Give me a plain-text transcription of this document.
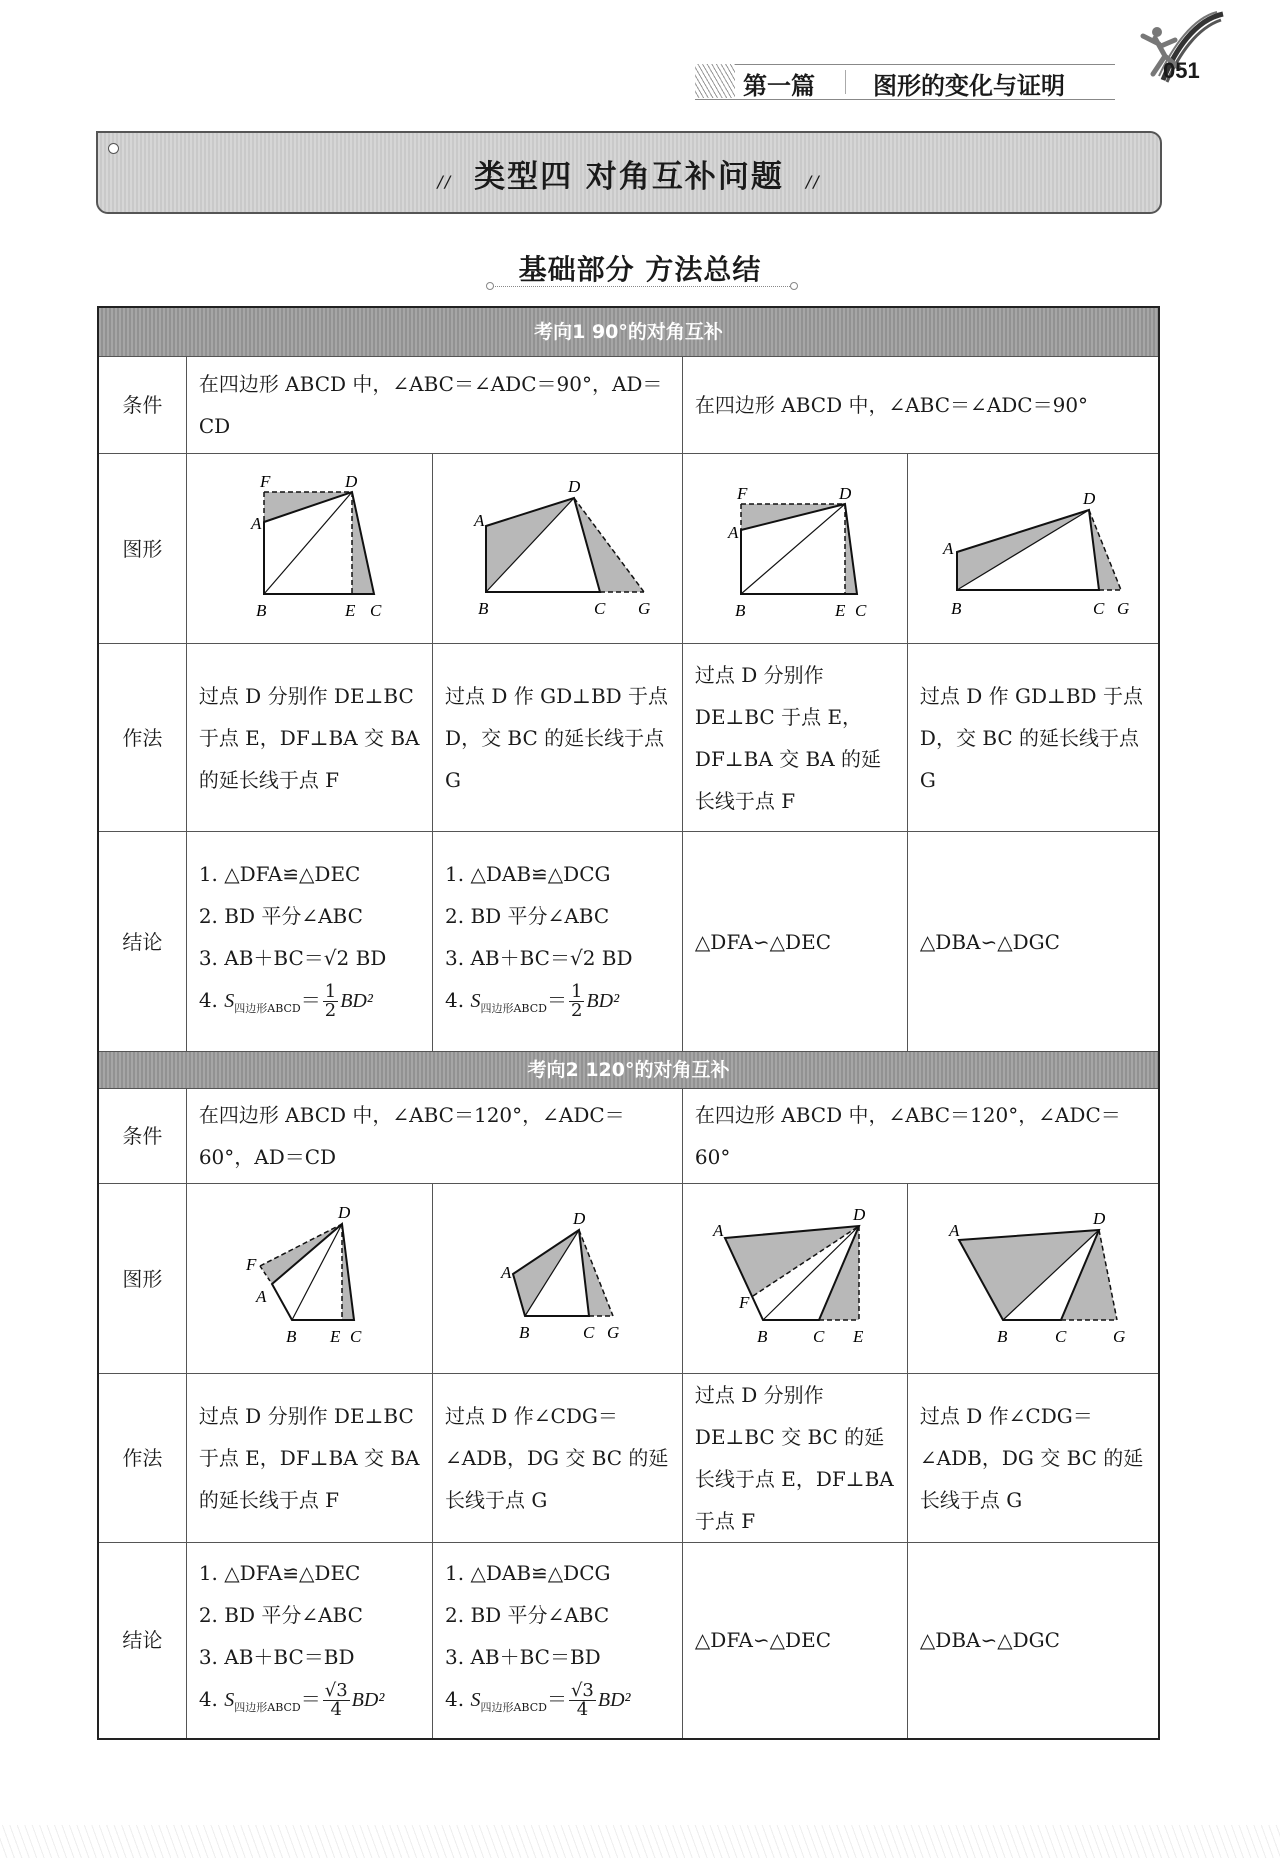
第一篇 图形的变化与证明
051
// 类型四 对角互补问题 //
基础部分 方法总结
考向1 90°的对角互补				
条件	在四边形 ABCD 中，∠ABC＝∠ADC＝90°，AD＝CD		在四边形 ABCD 中，∠ABC＝∠ADC＝90°	
图形	
F	D
A
B	E C

D
A
B	C G

F	D
A
B	E C

D
A
B	C G

作法	过点 D 分别作 DE⊥BC 于点 E，DF⊥BA 交 BA 的延长线于点 F	过点 D 作 GD⊥BD 于点 D，交 BC 的延长线于点 G	过点 D 分别作 DE⊥BC 于点 E，DF⊥BA 交 BA 的延长线于点 F	过点 D 作 GD⊥BD 于点 D，交 BC 的延长线于点 G
结论	
1. △DFA≌△DEC
2. BD 平分∠ABC
3. AB＋BC＝√2 BD
4. $S_{四边形ABCD}= \frac{1}{2} BD^2$

1. △DAB≌△DCG
2. BD 平分∠ABC
3. AB＋BC＝√2 BD
4. $S_{四边形ABCD}= \frac{1}{2} BD^2$
	△DFA∽△DEC	△DBA∽△DGC
考向2 120°的对角互补				
条件	在四边形 ABCD 中，∠ABC＝120°，∠ADC＝60°，AD＝CD		在四边形 ABCD 中，∠ABC＝120°，∠ADC＝60°	
图形	
D
F
A
B E C

D
A
B	C G

A
D
F
B	C E

A
D
B	C	G

作法	过点 D 分别作 DE⊥BC 于点 E，DF⊥BA 交 BA 的延长线于点 F	过点 D 作∠CDG＝∠ADB，DG 交 BC 的延长线于点 G	过点 D 分别作 DE⊥BC 交 BC 的延长线于点 E，DF⊥BA 于点 F	过点 D 作∠CDG＝∠ADB，DG 交 BC 的延长线于点 G
结论	
1. △DFA≌△DEC
2. BD 平分∠ABC
3. AB＋BC＝BD
4. $S_{四边形ABCD}= \frac{√3}{4} BD^2$

1. △DAB≌△DCG
2. BD 平分∠ABC
3. AB＋BC＝BD
4. $S_{四边形ABCD}= \frac{√3}{4} BD^2$
	△DFA∽△DEC	△DBA∽△DGC
